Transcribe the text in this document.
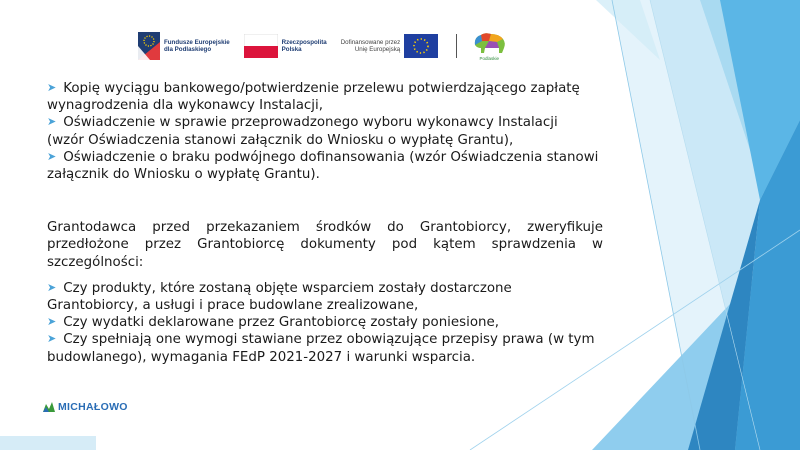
Fundusze Europejskie
dla Podlaskiego
Rzeczpospolita
Polska
Dofinansowane przez
Unię Europejską
Podlaskie
➤ Kopię wyciągu bankowego/potwierdzenie przelewu potwierdzającego zapłatę
wynagrodzenia dla wykonawcy Instalacji,
➤ Oświadczenie w sprawie przeprowadzonego wyboru wykonawcy Instalacji
(wzór Oświadczenia stanowi załącznik do Wniosku o wypłatę Grantu),
➤ Oświadczenie o braku podwójnego dofinansowania (wzór Oświadczenia stanowi
załącznik do Wniosku o wypłatę Grantu).
Grantodawca przed przekazaniem środków do Grantobiorcy, zweryfikuje przedłożone przez Grantobiorcę dokumenty pod kątem sprawdzenia w szczególności:
➤ Czy produkty, które zostaną objęte wsparciem zostały dostarczone
Grantobiorcy, a usługi i prace budowlane zrealizowane,
➤ Czy wydatki deklarowane przez Grantobiorcę zostały poniesione,
➤ Czy spełniają one wymogi stawiane przez obowiązujące przepisy prawa (w tym
budowlanego), wymagania FEdP 2021-2027 i warunki wsparcia.
MICHAŁOWO
